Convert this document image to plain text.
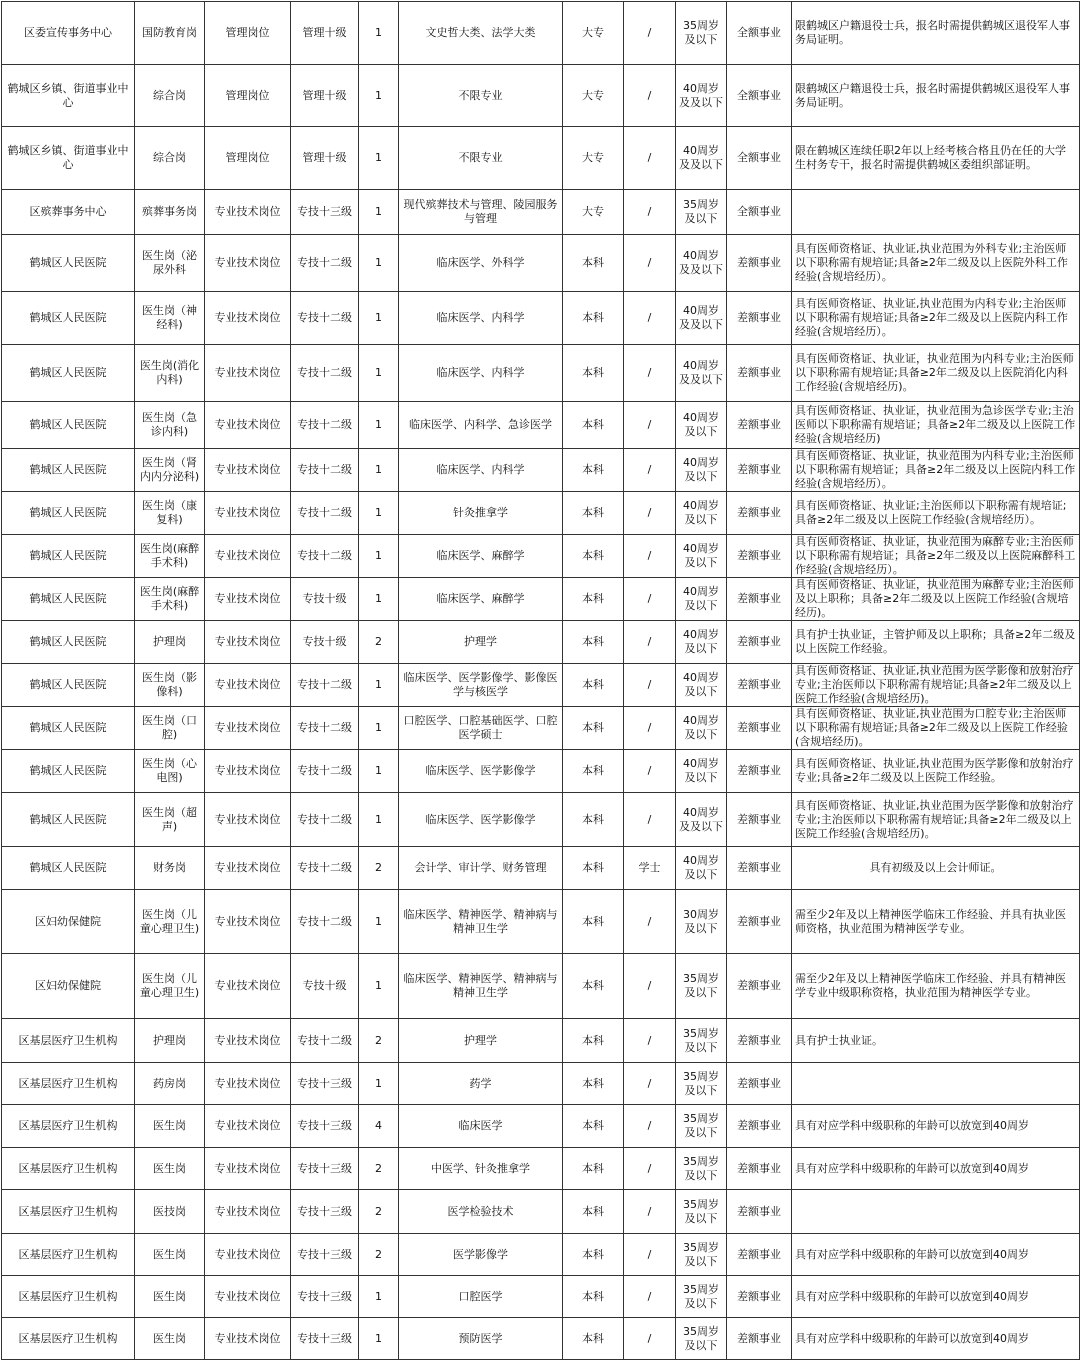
区委宣传事务中心	国防教育岗	管理岗位	管理十级	1	文史哲大类、法学大类	大专	/	35周岁及以下	全额事业	限鹤城区户籍退役士兵，报名时需提供鹤城区退役军人事务局证明。
鹤城区乡镇、街道事业中心	综合岗	管理岗位	管理十级	1	不限专业	大专	/	40周岁及及以下	全额事业	限鹤城区户籍退役士兵，报名时需提供鹤城区退役军人事务局证明。
鹤城区乡镇、街道事业中心	综合岗	管理岗位	管理十级	1	不限专业	大专	/	40周岁及及以下	全额事业	限在鹤城区连续任职2年以上经考核合格且仍在任的大学生村务专干，报名时需提供鹤城区委组织部证明。
区殡葬事务中心	殡葬事务岗	专业技术岗位	专技十三级	1	现代殡葬技术与管理、陵园服务与管理	大专	/	35周岁及以下	全额事业	
鹤城区人民医院	医生岗（泌尿外科	专业技术岗位	专技十二级	1	临床医学、外科学	本科	/	40周岁及及以下	差额事业	具有医师资格证、执业证,执业范围为外科专业;主治医师以下职称需有规培证;具备≥2年二级及以上医院外科工作经验(含规培经历）。
鹤城区人民医院	医生岗（神经科)	专业技术岗位	专技十二级	1	临床医学、内科学	本科	/	40周岁及及以下	差额事业	具有医师资格证、执业证,执业范围为内科专业;主治医师以下职称需有规培证;具备≥2年二级及以上医院内科工作经验(含规培经历）。
鹤城区人民医院	医生岗(消化内科)	专业技术岗位	专技十二级	1	临床医学、内科学	本科	/	40周岁及及以下	差额事业	具有医师资格证、执业证，执业范围为内科专业;主治医师以下职称需有规培证;具备≥2年二级及以上医院消化内科工作经验(含规培经历)。
鹤城区人民医院	医生岗（急诊内科)	专业技术岗位	专技十二级	1	临床医学、内科学、急诊医学	本科	/	40周岁及以下	差额事业	具有医师资格证、执业证，执业范围为急诊医学专业;主治医师以下职称需有规培证；具备≥2年二级及以上医院工作经验(含规培经历)
鹤城区人民医院	医生岗（肾内内分泌科)	专业技术岗位	专技十二级	1	临床医学、内科学	本科	/	40周岁及以下	差额事业	具有医师资格证、执业证，执业范围为内科专业;主治医师以下职称需有规培证；具备≥2年二级及以上医院内科工作经验(含规培经历）。
鹤城区人民医院	医生岗（康复科)	专业技术岗位	专技十二级	1	针灸推拿学	本科	/	40周岁及以下	差额事业	具有医师资格证、执业证;主治医师以下职称需有规培证;具备≥2年二级及以上医院工作经验(含规培经历）。
鹤城区人民医院	医生岗(麻醉手术科)	专业技术岗位	专技十二级	1	临床医学、麻醉学	本科	/	40周岁及以下	差额事业	具有医师资格证、执业证，执业范围为麻醉专业;主治医师以下职称需有规培证；具备≥2年二级及以上医院麻醉科工作经验(含规培经历）。
鹤城区人民医院	医生岗(麻醉手术科)	专业技术岗位	专技十级	1	临床医学、麻醉学	本科	/	40周岁及以下	差额事业	具有医师资格证、执业证，执业范围为麻醉专业;主治医师及以上职称；具备≥2年二级及以上医院工作经验(含规培经历)。
鹤城区人民医院	护理岗	专业技术岗位	专技十级	2	护理学	本科	/	40周岁及以下	差额事业	具有护士执业证，主管护师及以上职称；具备≥2年二级及以上医院工作经验。
鹤城区人民医院	医生岗（影像科)	专业技术岗位	专技十二级	1	临床医学、医学影像学、影像医学与核医学	本科	/	40周岁及以下	差额事业	具有医师资格证、执业证,执业范围为医学影像和放射治疗专业;主治医师以下职称需有规培证;具备≥2年二级及以上医院工作经验(含规培经历)。
鹤城区人民医院	医生岗（口腔)	专业技术岗位	专技十二级	1	口腔医学、口腔基础医学、口腔医学硕士	本科	/	40周岁及以下	差额事业	具有医师资格证、执业证,执业范围为口腔专业;主治医师以下职称需有规培证;具备≥2年二级及以上医院工作经验(含规培经历)。
鹤城区人民医院	医生岗（心电图)	专业技术岗位	专技十二级	1	临床医学、医学影像学	本科	/	40周岁及以下	差额事业	具有医师资格证、执业证,执业范围为医学影像和放射治疗专业;具备≥2年二级及以上医院工作经验。
鹤城区人民医院	医生岗（超声)	专业技术岗位	专技十二级	1	临床医学、医学影像学	本科	/	40周岁及及以下	差额事业	具有医师资格证、执业证,执业范围为医学影像和放射治疗专业;主治医师以下职称需有规培证;具备≥2年二级及以上医院工作经验(含规培经历)。
鹤城区人民医院	财务岗	专业技术岗位	专技十二级	2	会计学、审计学、财务管理	本科	学士	40周岁及以下	差额事业	具有初级及以上会计师证。
区妇幼保健院	医生岗（儿童心理卫生)	专业技术岗位	专技十二级	1	临床医学、精神医学、精神病与精神卫生学	本科	/	30周岁及以下	差额事业	需至少2年及以上精神医学临床工作经验、并具有执业医师资格，执业范围为精神医学专业。
区妇幼保健院	医生岗（儿童心理卫生)	专业技术岗位	专技十级	1	临床医学、精神医学、精神病与精神卫生学	本科	/	35周岁及以下	差额事业	需至少2年及以上精神医学临床工作经验、并具有精神医学专业中级职称资格，执业范围为精神医学专业。
区基层医疗卫生机构	护理岗	专业技术岗位	专技十二级	2	护理学	本科	/	35周岁及以下	差额事业	具有护士执业证。
区基层医疗卫生机构	药房岗	专业技术岗位	专技十三级	1	药学	本科	/	35周岁及以下	差额事业	
区基层医疗卫生机构	医生岗	专业技术岗位	专技十三级	4	临床医学	本科	/	35周岁及以下	差额事业	具有对应学科中级职称的年龄可以放宽到40周岁
区基层医疗卫生机构	医生岗	专业技术岗位	专技十三级	2	中医学、针灸推拿学	本科	/	35周岁及以下	差额事业	具有对应学科中级职称的年龄可以放宽到40周岁
区基层医疗卫生机构	医技岗	专业技术岗位	专技十三级	2	医学检验技术	本科	/	35周岁及以下	差额事业	
区基层医疗卫生机构	医生岗	专业技术岗位	专技十三级	2	医学影像学	本科	/	35周岁及以下	差额事业	具有对应学科中级职称的年龄可以放宽到40周岁
区基层医疗卫生机构	医生岗	专业技术岗位	专技十三级	1	口腔医学	本科	/	35周岁及以下	差额事业	具有对应学科中级职称的年龄可以放宽到40周岁
区基层医疗卫生机构	医生岗	专业技术岗位	专技十三级	1	预防医学	本科	/	35周岁及以下	差额事业	具有对应学科中级职称的年龄可以放宽到40周岁
